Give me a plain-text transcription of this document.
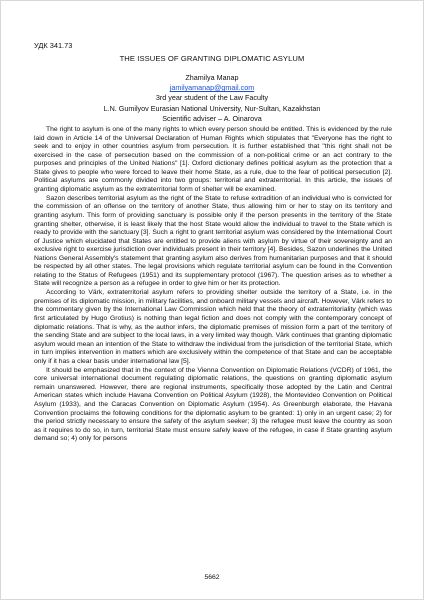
УДК 341.73
THE ISSUES OF GRANTING DIPLOMATIC ASYLUM
Zhamilya Manap
jamilyamanap@gmail.com
3rd year student of the Law Faculty
L.N. Gumilyov Eurasian National University, Nur-Sultan, Kazakhstan
Scientific adviser – A. Oinarova

The right to asylum is one of the many rights to which every person should be entitled. This is evidenced by the rule laid down in Article 14 of the Universal Declaration of Human Rights which stipulates that "Everyone has the right to seek and to enjoy in other countries asylum from persecution. It is further established that "this right shall not be exercised in the case of persecution based on the commission of a non-political crime or an act contrary to the purposes and principles of the United Nations" [1]. Oxford dictionary defines political asylum as the protection that a State gives to people who were forced to leave their home State, as a rule, due to the fear of political persecution [2]. Political asylums are commonly divided into two groups: territorial and extraterritorial. In this article, the issues of granting diplomatic asylum as the extraterritorial form of shelter will be examined.

Sazon describes territorial asylum as the right of the State to refuse extradition of an individual who is convicted for the commission of an offense on the territory of another State, thus allowing him or her to stay on its territory and granting asylum. This form of providing sanctuary is possible only if the person presents in the territory of the State granting shelter, otherwise, it is least likely that the host State would allow the individual to travel to the State which is ready to provide with the sanctuary [3]. Such a right to grant territorial asylum was considered by the International Court of Justice which elucidated that States are entitled to provide aliens with asylum by virtue of their sovereignty and an exclusive right to exercise jurisdiction over individuals present in their territory [4]. Besides, Sazon underlines the United Nations General Assembly's statement that granting asylum also derives from humanitarian purposes and that it should be respected by all other states. The legal provisions which regulate territorial asylum can be found in the Convention relating to the Status of Refugees (1951) and its supplementary protocol (1967). The question arises as to whether a State will recognize a person as a refugee in order to give him or her its protection.

According to Värk, extraterritorial asylum refers to providing shelter outside the territory of a State, i.e. in the premises of its diplomatic mission, in military facilities, and onboard military vessels and aircraft. However, Värk refers to the commentary given by the International Law Commission which held that the theory of extraterritoriality (which was first articulated by Hugo Grotius) is nothing than legal fiction and does not comply with the contemporary concept of diplomatic relations. That is why, as the author infers, the diplomatic premises of mission form a part of the territory of the sending State and are subject to the local laws, in a very limited way though. Värk continues that granting diplomatic asylum would mean an intention of the State to withdraw the individual from the jurisdiction of the territorial State, which in turn implies intervention in matters which are exclusively within the competence of that State and can be acceptable only if it has a clear basis under international law [5].

It should be emphasized that in the context of the Vienna Convention on Diplomatic Relations (VCDR) of 1961, the core universal international document regulating diplomatic relations, the questions on granting diplomatic asylum remain unanswered. However, there are regional instruments, specifically those adopted by the Latin and Central American states which include Havana Convention on Political Asylum (1928), the Montevideo Convention on Political Asylum (1933), and the Caracas Convention on Diplomatic Asylum (1954). As Greenburgh elaborate, the Havana Convention proclaims the following conditions for the diplomatic asylum to be granted: 1) only in an urgent case; 2) for the period strictly necessary to ensure the safety of the asylum seeker; 3) the refugee must leave the country as soon as it requires to do so, in turn, territorial State must ensure safely leave of the refugee, in case if State granting asylum demand so; 4) only for persons

5662
